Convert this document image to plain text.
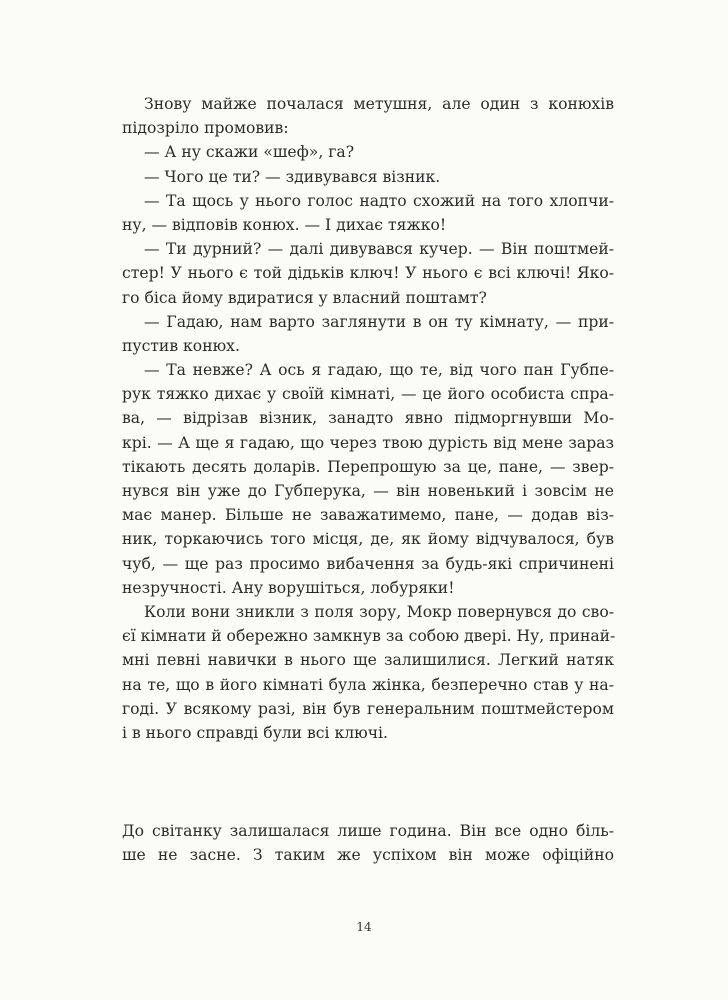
Знову майже почалася метушня, але один з конюхів
підозріло промовив:
— А ну скажи «шеф», га?
— Чого це ти? — здивувався візник.
— Та щось у нього голос надто схожий на того хлопчи-
ну, — відповів конюх. — І дихає тяжко!
— Ти дурний? — далі дивувався кучер. — Він поштмей-
стер! У нього є той дідьків ключ! У нього є всі ключі! Яко-
го біса йому вдиратися у власний поштамт?
— Гадаю, нам варто заглянути в он ту кімнату, — при-
пустив конюх.
— Та невже? А ось я гадаю, що те, від чого пан Губпе-
рук тяжко дихає у своїй кімнаті, — це його особиста спра-
ва, — відрізав візник, занадто явно підморгнувши Мо-
крі. — А ще я гадаю, що через твою дурість від мене зараз
тікають десять доларів. Перепрошую за це, пане, — звер-
нувся він уже до Губперука, — він новенький і зовсім не
має манер. Більше не заважатимемо, пане, — додав віз-
ник, торкаючись того місця, де, як йому відчувалося, був
чуб, — ще раз просимо вибачення за будь-які спричинені
незручності. Ану ворушіться, лобуряки!
Коли вони зникли з поля зору, Мокр повернувся до сво-
єї кімнати й обережно замкнув за собою двері. Ну, принай-
мні певні навички в нього ще залишилися. Легкий натяк
на те, що в його кімнаті була жінка, безперечно став у на-
годі. У всякому разі, він був генеральним поштмейстером
і в нього справді були всі ключі.
До світанку залишалася лише година. Він все одно біль-
ше не засне. З таким же успіхом він може офіційно
14
